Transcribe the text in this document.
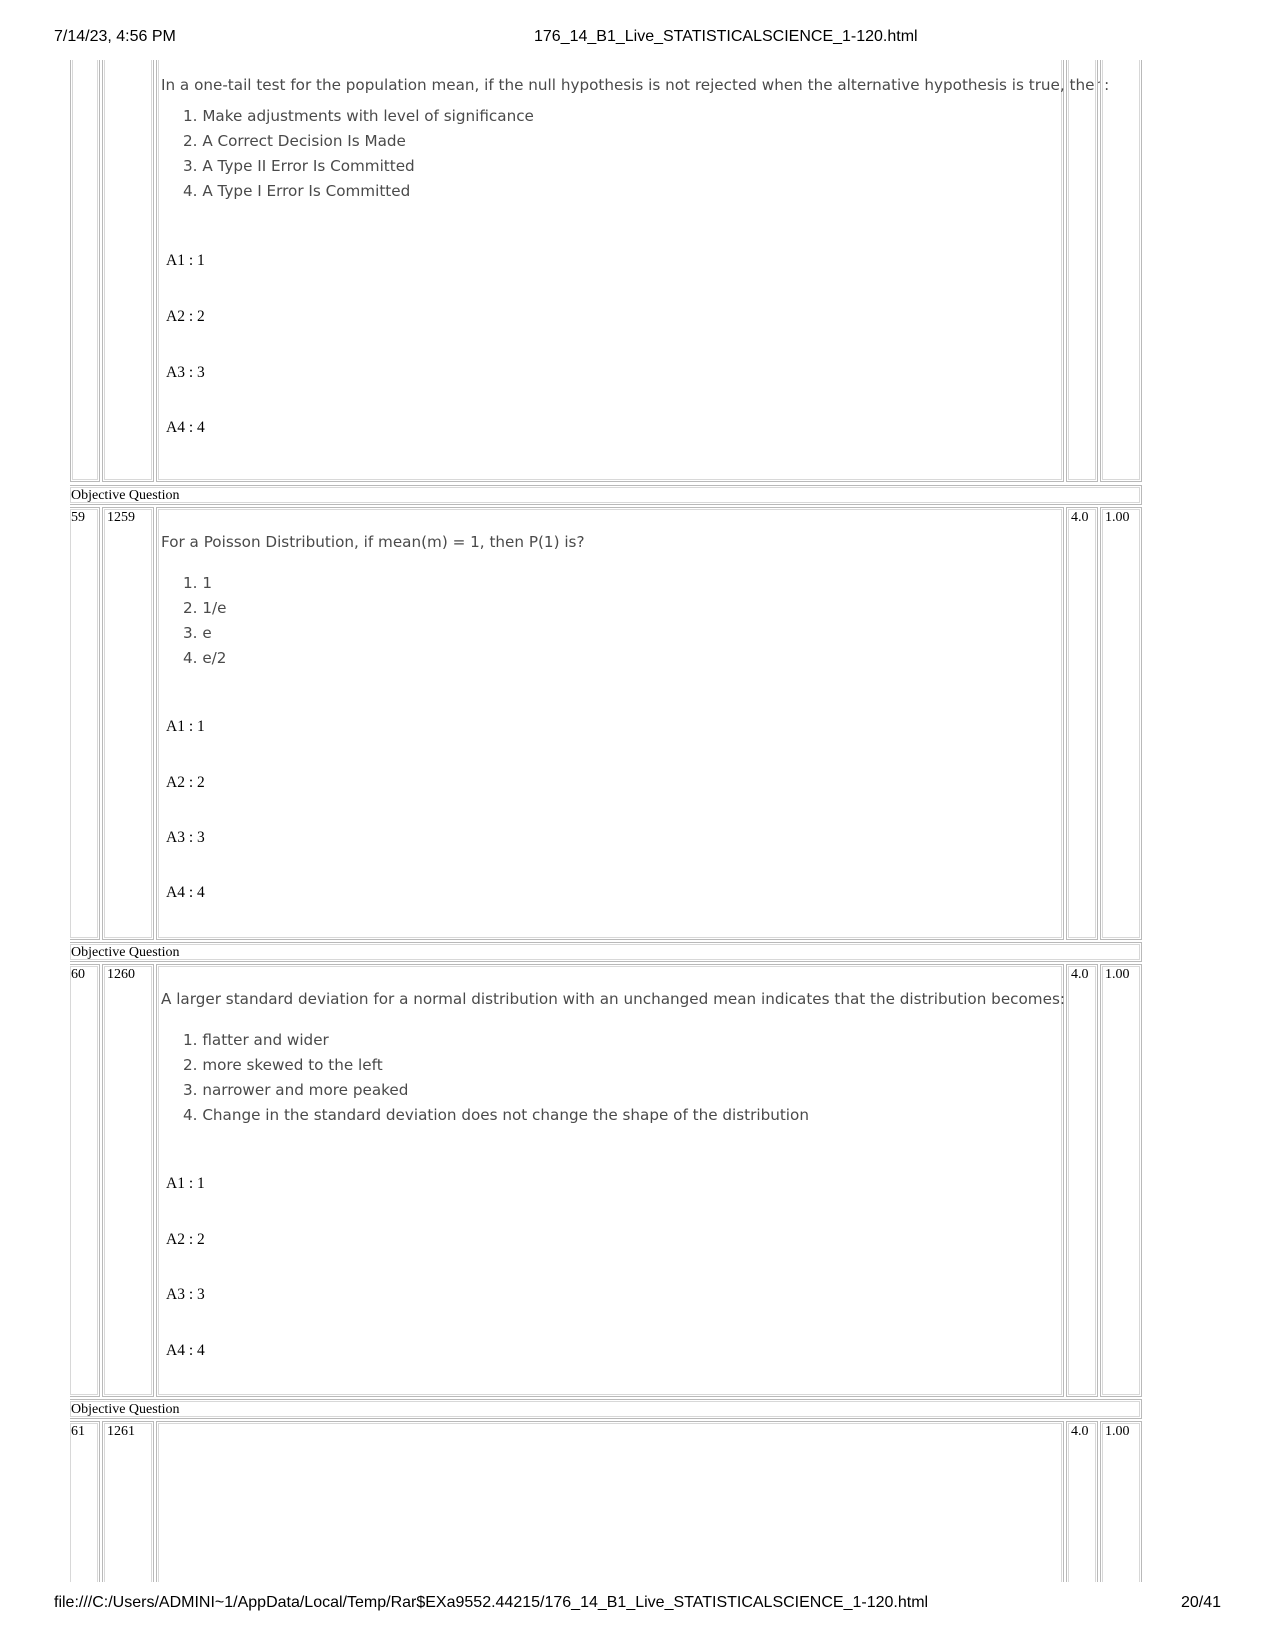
7/14/23, 4:56 PM	176_14_B1_Live_STATISTICALSCIENCE_1-120.html
In a one-tail test for the population mean, if the null hypothesis is not rejected when the alternative hypothesis is true, then:
1. Make adjustments with level of significance
2. A Correct Decision Is Made
3. A Type II Error Is Committed
4. A Type I Error Is Committed
A1 : 1
A2 : 2
A3 : 3
A4 : 4
Objective Question
59 1259
For a Poisson Distribution, if mean(m) = 1, then P(1) is?
1. 1
2. 1/e
3. e
4. e/2
A1 : 1
A2 : 2
A3 : 3
A4 : 4
4.0 1.00
Objective Question
60 1260
A larger standard deviation for a normal distribution with an unchanged mean indicates that the distribution becomes:
1. flatter and wider
2. more skewed to the left
3. narrower and more peaked
4. Change in the standard deviation does not change the shape of the distribution
A1 : 1
A2 : 2
A3 : 3
A4 : 4
4.0 1.00
Objective Question
61 1261	4.0 1.00
file:///C:/Users/ADMINI~1/AppData/Local/Temp/Rar$EXa9552.44215/176_14_B1_Live_STATISTICALSCIENCE_1-120.html	20/41
